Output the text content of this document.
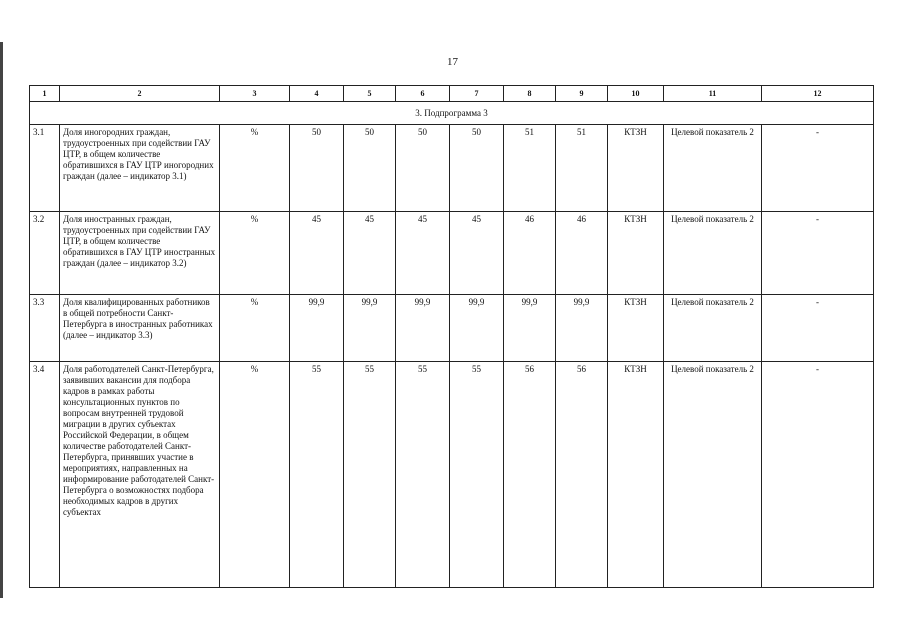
17
1	2	3	4	5	6	7	8	9	10	11	12
3. Подпрограмма 3											
3.1	Доля иногородних граждан, трудоустроенных при содействии ГАУ ЦТР, в общем количестве обратившихся в ГАУ ЦТР иногородних граждан (далее – индикатор 3.1)	%	50	50	50	50	51	51	КТЗН	Целевой показатель 2	-
3.2	Доля иностранных граждан, трудоустроенных при содействии ГАУ ЦТР, в общем количестве обратившихся в ГАУ ЦТР иностранных граждан (далее – индикатор 3.2)	%	45	45	45	45	46	46	КТЗН	Целевой показатель 2	-
3.3	Доля квалифицированных работников в общей потребности Санкт-Петербурга в иностранных работниках (далее – индикатор 3.3)	%	99,9	99,9	99,9	99,9	99,9	99,9	КТЗН	Целевой показатель 2	-
3.4	Доля работодателей Санкт-Петербурга, заявивших вакансии для подбора кадров в рамках работы консультационных пунктов по вопросам внутренней трудовой миграции в других субъектах Российской Федерации, в общем количестве работодателей Санкт-Петербурга, принявших участие в мероприятиях, направленных на информирование работодателей Санкт-Петербурга о возможностях подбора необходимых кадров в других субъектах	%	55	55	55	55	56	56	КТЗН	Целевой показатель 2	-
